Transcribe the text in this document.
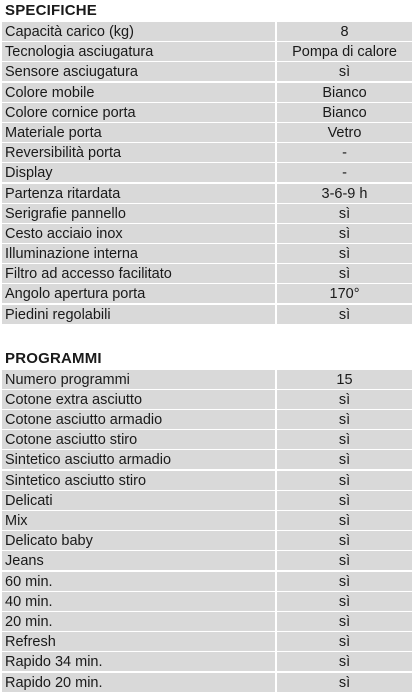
SPECIFICHE
Capacità carico (kg)	8
Tecnologia asciugatura	Pompa di calore
Sensore asciugatura	sì
Colore mobile	Bianco
Colore cornice porta	Bianco
Materiale porta	Vetro
Reversibilità porta	-
Display	-
Partenza ritardata	3-6-9 h
Serigrafie pannello	sì
Cesto acciaio inox	sì
Illuminazione interna	sì
Filtro ad accesso facilitato	sì
Angolo apertura porta	170°
Piedini regolabili	sì
PROGRAMMI
Numero programmi	15
Cotone extra asciutto	sì
Cotone asciutto armadio	sì
Cotone asciutto stiro	sì
Sintetico asciutto armadio	sì
Sintetico asciutto stiro	sì
Delicati	sì
Mix	sì
Delicato baby	sì
Jeans	sì
60 min.	sì
40 min.	sì
20 min.	sì
Refresh	sì
Rapido 34 min.	sì
Rapido 20 min.	sì
